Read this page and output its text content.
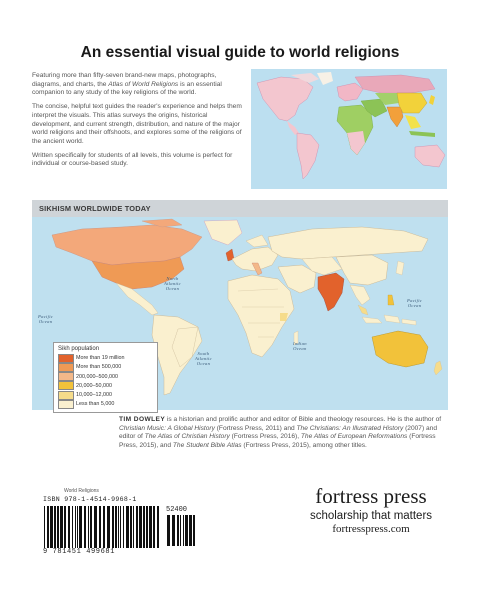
An essential visual guide to world religions

Featuring more than fifty-seven brand-new maps, photographs, diagrams, and charts, the Atlas of World Religions is an essential companion to any study of the key religions of the world.

The concise, helpful text guides the reader's experience and helps them interpret the visuals. This atlas surveys the origins, historical development, and current strength, distribution, and nature of the major world religions and their offshoots, and explores some of the religions of the ancient world.

Written specifically for students of all levels, this volume is perfect for individual or course-based study.

SIKHISM WORLDWIDE TODAY
North
Atlantic
Ocean
Pacific
Ocean
Pacific
Ocean
South
Atlantic
Ocean
Indian
Ocean
Sikh population
More than 19 million
More than 500,000
200,000–500,000
20,000–50,000
10,000–12,000
Less than 5,000
TIM DOWLEY is a historian and prolific author and editor of Bible and theology resources. He is the author of Christian Music: A Global History (Fortress Press, 2011) and The Christians: An Illustrated History (2007) and editor of The Atlas of Christian History (Fortress Press, 2016), The Atlas of European Reformations (Fortress Press, 2015), and The Student Bible Atlas (Fortress Press, 2015), among other titles.
World Religions
ISBN 978-1-4514-9968-1
52400
9 781451 499681
fortress press
scholarship that matters
fortresspress.com
